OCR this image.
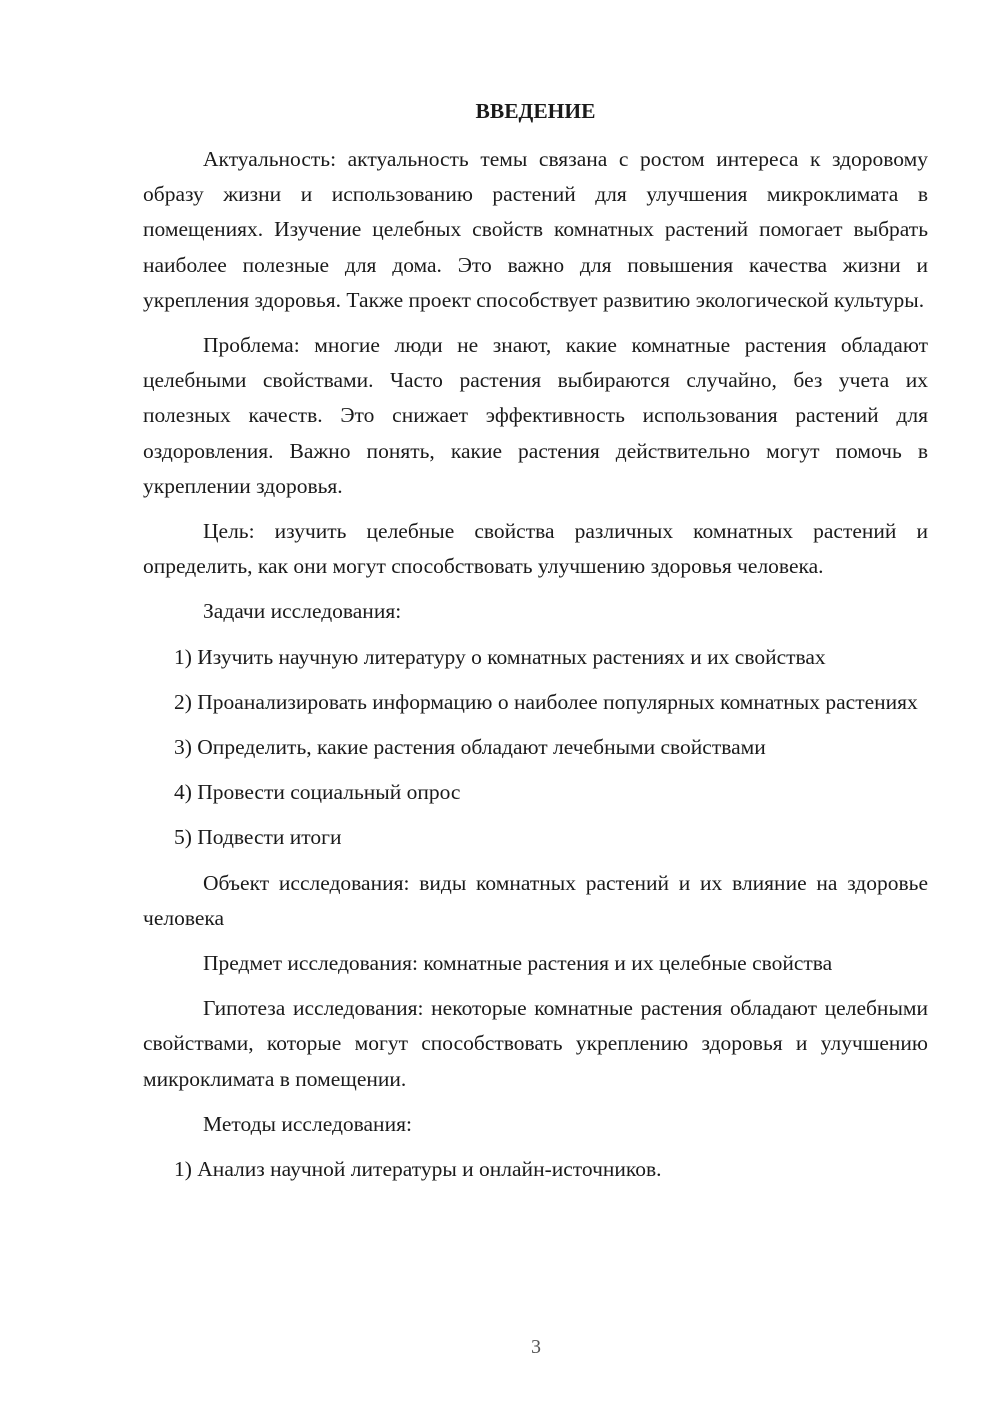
ВВЕДЕНИЕ

Актуальность: актуальность темы связана с ростом интереса к здоровому образу жизни и использованию растений для улучшения микроклимата в помещениях. Изучение целебных свойств комнатных растений помогает выбрать наиболее полезные для дома. Это важно для повышения качества жизни и укрепления здоровья. Также проект способствует развитию экологической культуры.

Проблема: многие люди не знают, какие комнатные растения обладают целебными свойствами. Часто растения выбираются случайно, без учета их полезных качеств. Это снижает эффективность использования растений для оздоровления. Важно понять, какие растения действительно могут помочь в укреплении здоровья.

Цель: изучить целебные свойства различных комнатных растений и определить, как они могут способствовать улучшению здоровья человека.

Задачи исследования:

1) Изучить научную литературу о комнатных растениях и их свойствах

2) Проанализировать информацию о наиболее популярных комнатных растениях

3) Определить, какие растения обладают лечебными свойствами

4) Провести социальный опрос

5) Подвести итоги

Объект исследования: виды комнатных растений и их влияние на здоровье человека

Предмет исследования: комнатные растения и их целебные свойства

Гипотеза исследования: некоторые комнатные растения обладают целебными свойствами, которые могут способствовать укреплению здоровья и улучшению микроклимата в помещении.

Методы исследования:

1) Анализ научной литературы и онлайн-источников.

3
